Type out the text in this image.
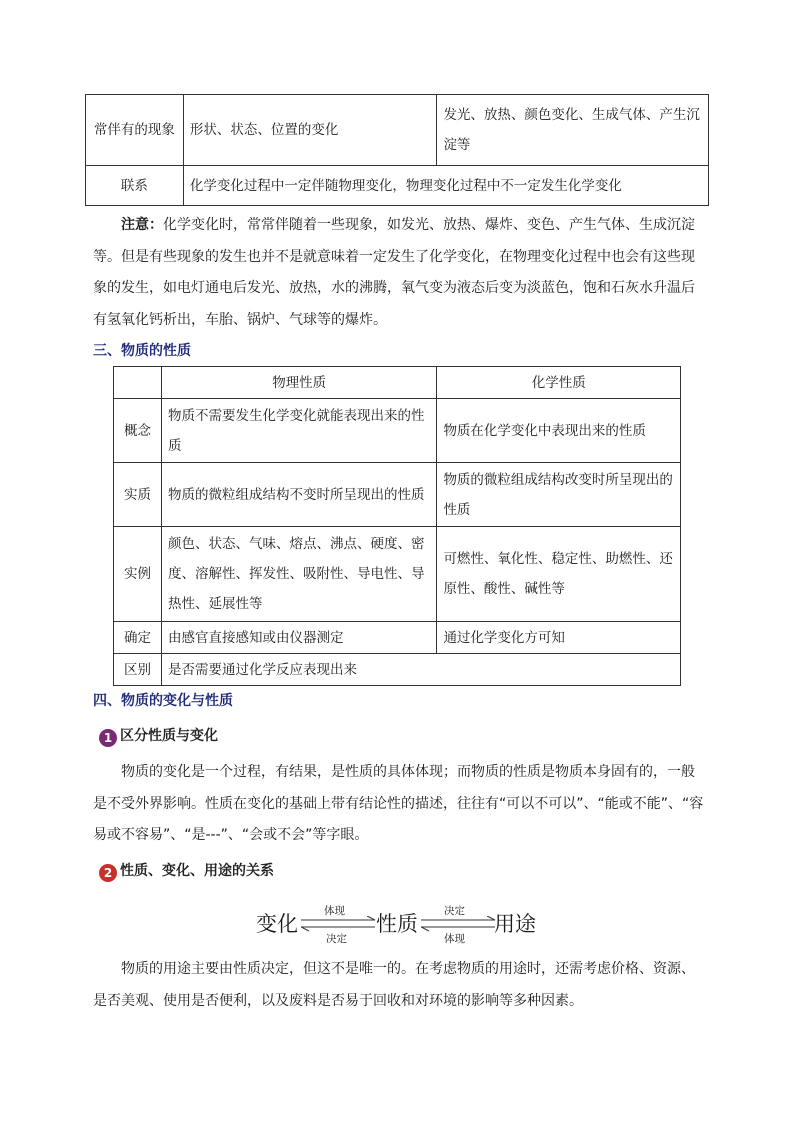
常伴有的现象	形状、状态、位置的变化	发光、放热、颜色变化、生成气体、产生沉淀等
联系	化学变化过程中一定伴随物理变化，物理变化过程中不一定发生化学变化	
注意：化学变化时，常常伴随着一些现象，如发光、放热、爆炸、变色、产生气体、生成沉淀等。但是有些现象的发生也并不是就意味着一定发生了化学变化，在物理变化过程中也会有这些现象的发生，如电灯通电后发光、放热，水的沸腾，氧气变为液态后变为淡蓝色，饱和石灰水升温后有氢氧化钙析出，车胎、锅炉、气球等的爆炸。
三、物质的性质
	物理性质	化学性质
概念	物质不需要发生化学变化就能表现出来的性质	物质在化学变化中表现出来的性质
实质	物质的微粒组成结构不变时所呈现出的性质	物质的微粒组成结构改变时所呈现出的性质
实例	颜色、状态、气味、熔点、沸点、硬度、密度、溶解性、挥发性、吸附性、导电性、导热性、延展性等	可燃性、氧化性、稳定性、助燃性、还原性、酸性、碱性等
确定	由感官直接感知或由仪器测定	通过化学变化方可知
区别	是否需要通过化学反应表现出来	
四、物质的变化与性质
1 区分性质与变化
物质的变化是一个过程，有结果，是性质的具体体现；而物质的性质是物质本身固有的，一般是不受外界影响。性质在变化的基础上带有结论性的描述，往往有“可以不可以”、“能或不能”、“容易或不容易”、“是---”、“会或不会”等字眼。
2 性质、变化、用途的关系
变化
体现
决定
性质
决定
体现
用途
物质的用途主要由性质决定，但这不是唯一的。在考虑物质的用途时，还需考虑价格、资源、是否美观、使用是否便利，以及废料是否易于回收和对环境的影响等多种因素。
